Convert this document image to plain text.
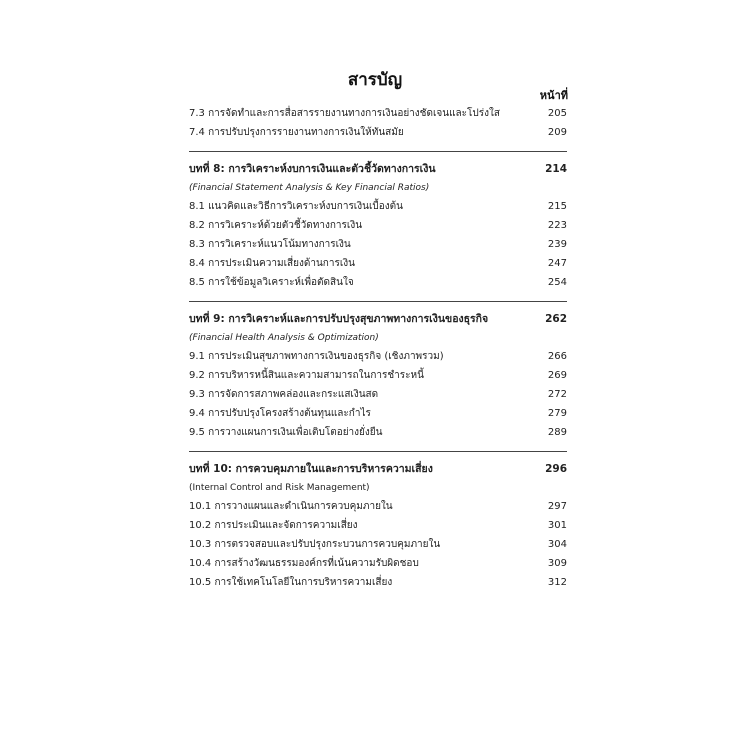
สารบัญ
หน้าที่
7.3 การจัดทำและการสื่อสารรายงานทางการเงินอย่างชัดเจนและโปร่งใส	205
7.4 การปรับปรุงการรายงานทางการเงินให้ทันสมัย	209
บทที่ 8: การวิเคราะห์งบการเงินและตัวชี้วัดทางการเงิน	214
(Financial Statement Analysis & Key Financial Ratios)
8.1 แนวคิดและวิธีการวิเคราะห์งบการเงินเบื้องต้น	215
8.2 การวิเคราะห์ด้วยตัวชี้วัดทางการเงิน	223
8.3 การวิเคราะห์แนวโน้มทางการเงิน	239
8.4 การประเมินความเสี่ยงด้านการเงิน	247
8.5 การใช้ข้อมูลวิเคราะห์เพื่อตัดสินใจ	254
บทที่ 9: การวิเคราะห์และการปรับปรุงสุขภาพทางการเงินของธุรกิจ	262
(Financial Health Analysis & Optimization)
9.1 การประเมินสุขภาพทางการเงินของธุรกิจ (เชิงภาพรวม)	266
9.2 การบริหารหนี้สินและความสามารถในการชำระหนี้	269
9.3 การจัดการสภาพคล่องและกระแสเงินสด	272
9.4 การปรับปรุงโครงสร้างต้นทุนและกำไร	279
9.5 การวางแผนการเงินเพื่อเติบโตอย่างยั่งยืน	289
บทที่ 10: การควบคุมภายในและการบริหารความเสี่ยง	296
(Internal Control and Risk Management)
10.1 การวางแผนและดำเนินการควบคุมภายใน	297
10.2 การประเมินและจัดการความเสี่ยง	301
10.3 การตรวจสอบและปรับปรุงกระบวนการควบคุมภายใน	304
10.4 การสร้างวัฒนธรรมองค์กรที่เน้นความรับผิดชอบ	309
10.5 การใช้เทคโนโลยีในการบริหารความเสี่ยง	312
